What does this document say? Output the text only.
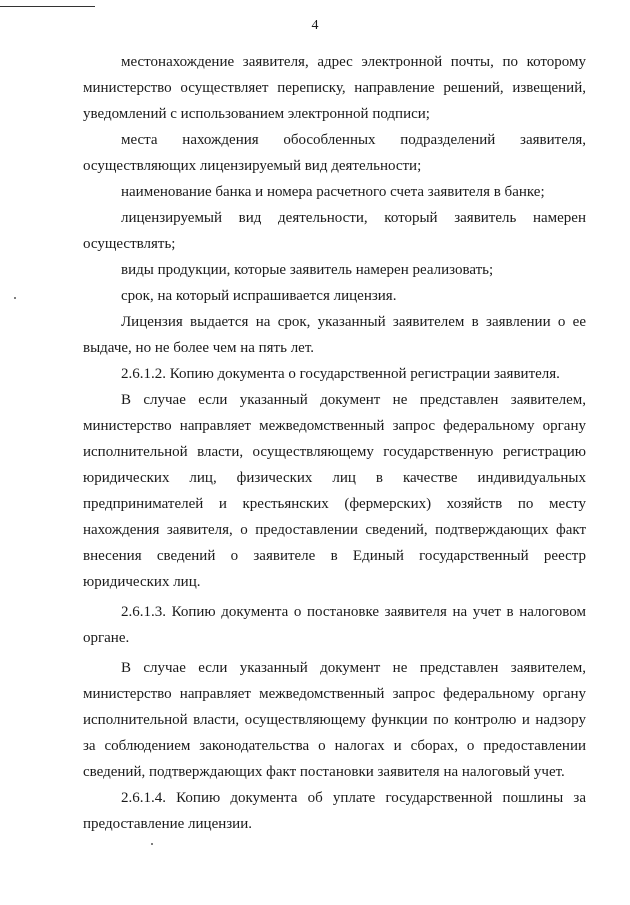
4

местонахождение заявителя, адрес электронной почты, по которому министерство осуществляет переписку, направление решений, извещений, уведомлений с использованием электронной подписи;

места нахождения обособленных подразделений заявителя, осуществляющих лицензируемый вид деятельности;

наименование банка и номера расчетного счета заявителя в банке;

лицензируемый вид деятельности, который заявитель намерен осуществлять;

виды продукции, которые заявитель намерен реализовать;

срок, на который испрашивается лицензия.

Лицензия выдается на срок, указанный заявителем в заявлении о ее выдаче, но не более чем на пять лет.

2.6.1.2. Копию документа о государственной регистрации заявителя.

В случае если указанный документ не представлен заявителем, министерство направляет межведомственный запрос федеральному органу исполнительной власти, осуществляющему государственную регистрацию юридических лиц, физических лиц в качестве индивидуальных предпринимателей и крестьянских (фермерских) хозяйств по месту нахождения заявителя, о предоставлении сведений, подтверждающих факт внесения сведений о заявителе в Единый государственный реестр юридических лиц.

2.6.1.3. Копию документа о постановке заявителя на учет в налоговом органе.

В случае если указанный документ не представлен заявителем, министерство направляет межведомственный запрос федеральному органу исполнительной власти, осуществляющему функции по контролю и надзору за соблюдением законодательства о налогах и сборах, о предоставлении сведений, подтверждающих факт постановки заявителя на налоговый учет.

2.6.1.4. Копию документа об уплате государственной пошлины за предоставление лицензии.
